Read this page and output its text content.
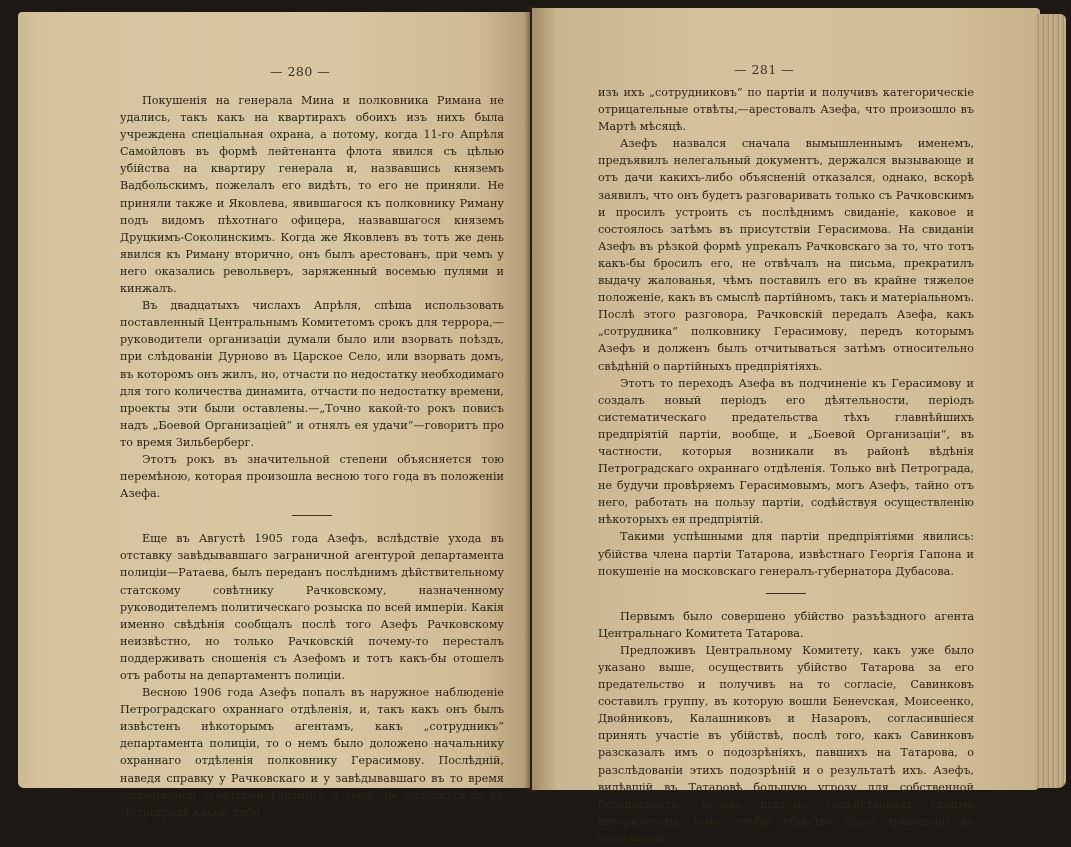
— 280 —

Покушенія на генерала Мина и полковника Римана не удались, такъ какъ на квартирахъ обоихъ изъ нихъ была учреждена спеціальная охрана, а потому, когда 11-го Апрѣля Самойловъ въ формѣ лейтенанта флота явился съ цѣлью убійства на квартиру генерала и, назвавшись княземъ Вадбольскимъ, пожелалъ его видѣть, то его не приняли. Не приняли также и Яковлева, явившагося къ полковнику Риману подъ видомъ пѣхотнаго офицера, назвавшагося княземъ Друцкимъ-Соколинскимъ. Когда же Яковлевъ въ тотъ же день явился къ Риману вторично, онъ былъ арестованъ, при чемъ у него оказались револьверъ, заряженный восемью пулями и кинжалъ.

Въ двадцатыхъ числахъ Апрѣля, спѣша использовать поставленный Центральнымъ Комитетомъ срокъ для террора,—руководители организаціи думали было или взорвать поѣздъ, при слѣдованіи Дурново въ Царское Село, или взорвать домъ, въ которомъ онъ жилъ, но, отчасти по недостатку необходимаго для того количества динамита, отчасти по недостатку времени, проекты эти были оставлены.—„Точно какой-то рокъ повисъ надъ „Боевой Организаціей“ и отнялъ ея удачи“—говоритъ про то время Зильберберг.

Этотъ рокъ въ значительной степени объясняется тою перемѣною, которая произошла весною того года въ положеніи Азефа.

Еще въ Августѣ 1905 года Азефъ, вслѣдствіе ухода въ отставку завѣдывавшаго заграничной агентурой департамента полиціи—Ратаева, былъ переданъ послѣднимъ дѣйствительному статскому совѣтнику Рачковскому, назначенному руководителемъ политическаго розыска по всей имперіи. Какія именно свѣдѣнія сообщалъ послѣ того Азефъ Рачковскому неизвѣстно, но только Рачковскій почему-то пересталъ поддерживать сношенія съ Азефомъ и тотъ какъ-бы отошелъ отъ работы на департаментъ полиціи.

Весною 1906 года Азефъ попалъ въ наружное наблюденіе Петроградскаго охраннаго отдѣленія, и, такъ какъ онъ былъ извѣстенъ нѣкоторымъ агентамъ, какъ „сотрудникъ“ департамента полиціи, то о немъ было доложено начальнику охраннаго отдѣленія полковнику Герасимову. Послѣдній, наведя справку у Рачковскаго и у завѣдывавшаго въ то время заграничной агентурой Гартинга о томъ, не находится-ли въ Петроградѣ какой-либо

— 281 —

изъ ихъ „сотрудниковъ“ по партіи и получивъ категорическіе отрицательные отвѣты,—арестовалъ Азефа, что произошло въ Мартѣ мѣсяцѣ.

Азефъ назвался сначала вымышленнымъ именемъ, предъявилъ нелегальный документъ, держался вызывающе и отъ дачи какихъ-либо объясненій отказался, однако, вскорѣ заявилъ, что онъ будетъ разговаривать только съ Рачковскимъ и просилъ устроить съ послѣднимъ свиданіе, каковое и состоялось затѣмъ въ присутствіи Герасимова. На свиданіи Азефъ въ рѣзкой формѣ упрекалъ Рачковскаго за то, что тотъ какъ-бы бросилъ его, не отвѣчалъ на письма, прекратилъ выдачу жалованья, чѣмъ поставилъ его въ крайне тяжелое положеніе, какъ въ смыслѣ партійномъ, такъ и матеріальномъ. Послѣ этого разговора, Рачковскій передалъ Азефа, какъ „сотрудника“ полковнику Герасимову, передъ которымъ Азефъ и долженъ былъ отчитываться затѣмъ относительно свѣдѣній о партійныхъ предпріятіяхъ.

Этотъ то переходъ Азефа въ подчиненіе къ Герасимову и создалъ новый періодъ его дѣятельности, періодъ систематическаго предательства тѣхъ главнѣйшихъ предпріятій партіи, вообще, и „Боевой Организаціи“, въ частности, которыя возникали въ районѣ вѣдѣнія Петроградскаго охраннаго отдѣленія. Только внѣ Петрограда, не будучи провѣряемъ Герасимовымъ, могъ Азефъ, тайно отъ него, работать на пользу партіи, содѣйствуя осуществленію нѣкоторыхъ ея предпріятій.

Такими успѣшными для партіи предпріятіями явились: убійства члена партіи Татарова, извѣстнаго Георгія Гапона и покушеніе на московскаго генералъ-губернатора Дубасова.

Первымъ было совершено убійство разъѣздного агента Центральнаго Комитета Татарова.

Предложивъ Центральному Комитету, какъ уже было указано выше, осуществить убійство Татарова за его предательство и получивъ на то согласіе, Савинковъ составилъ группу, въ которую вошли Бенevская, Моисеенко, Двойниковъ, Калашниковъ и Назаровъ, согласившіеся принять участіе въ убійствѣ, послѣ того, какъ Савинковъ разсказалъ имъ о подозрѣніяхъ, павшихъ на Татарова, о разслѣдованіи этихъ подозрѣній и о результатѣ ихъ. Азефъ, видѣвшій въ Татаровѣ большую угрозу для собственной безопасности, весьма искусно содѣйствовалъ своимъ авторитетомъ тому, чтобы убійство было приведено въ исполненіе.
